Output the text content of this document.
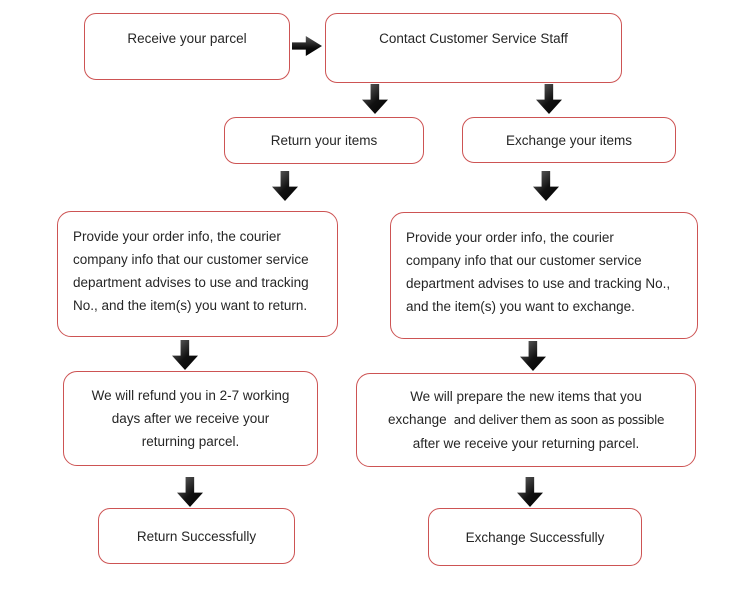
Receive your parcel	Contact Customer Service Staff
Return your items	Exchange your items
Provide your order info, the courier
company info that our customer service
department advises to use and tracking
No., and the item(s) you want to return.
Provide your order info, the courier
company info that our customer service
department advises to use and tracking No.,
and the item(s) you want to exchange.
We will refund you in 2-7 working
days after we receive your
returning parcel.
We will prepare the new items that you
exchange and deliver them as soon as possible
after we receive your returning parcel.
Return Successfully	Exchange Successfully
